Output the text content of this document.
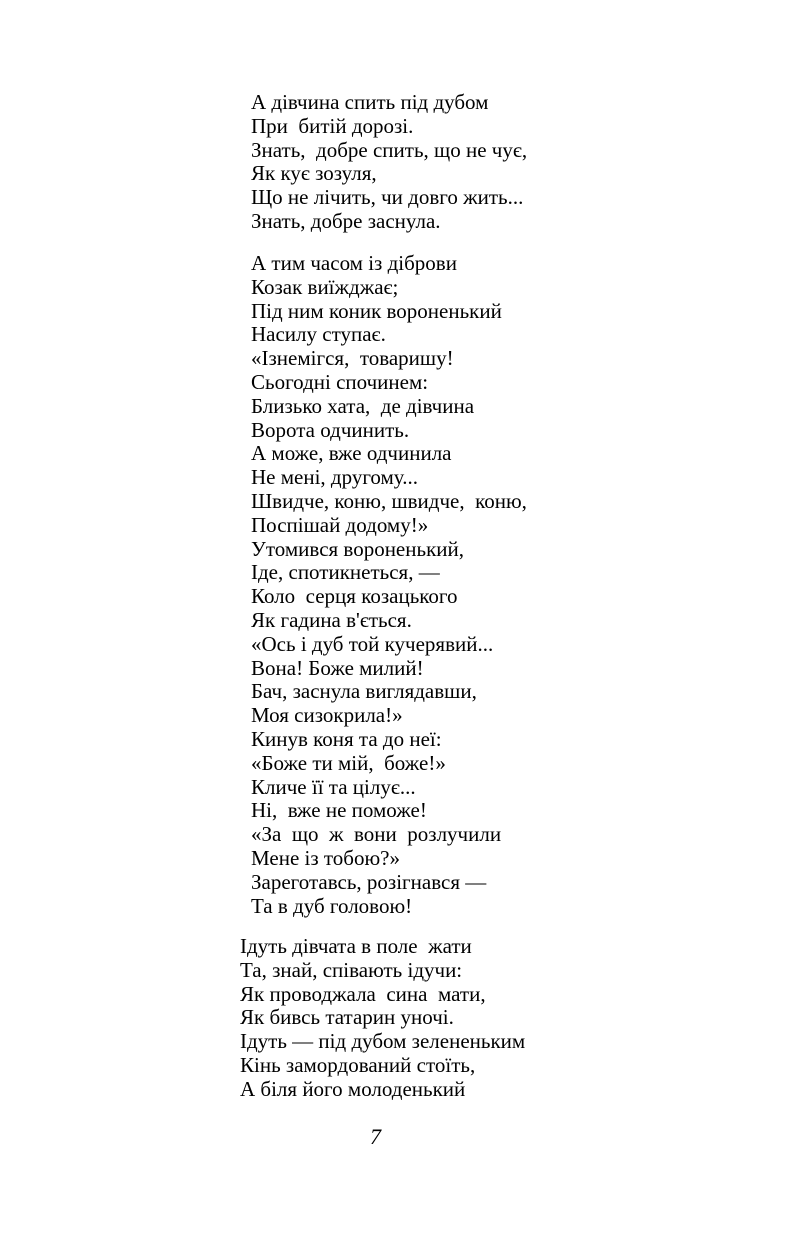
А дівчина спить під дубом
При  битій дорозі.
Знать,  добре спить, що не чує,
Як кує зозуля,
Що не лічить, чи довго жить...
Знать, добре заснула.
А тим часом із діброви
Козак виїжджає;
Під ним коник вороненький
Насилу ступає.
«Ізнемігся,  товаришу!
Сьогодні спочинем:
Близько хата,  де дівчина
Ворота одчинить.
А може, вже одчинила
Не мені, другому...
Швидче, коню, швидче,  коню,
Поспішай додому!»
Утомився вороненький,
Іде, спотикнеться, —
Коло  серця козацького
Як гадина в'ється.
«Ось і дуб той кучерявий...
Вона! Боже милий!
Бач, заснула виглядавши,
Моя сизокрила!»
Кинув коня та до неї:
«Боже ти мій,  боже!»
Кличе її та цілує...
Ні,  вже не поможе!
«За  що  ж  вони  розлучили
Мене із тобою?»
Зареготавсь, розігнався —
Та в дуб головою!
Ідуть дівчата в поле  жати
Та, знай, співають ідучи:
Як проводжала  сина  мати,
Як бивсь татарин уночі.
Ідуть — під дубом зелененьким
Кінь замордований стоїть,
А біля його молоденький
7
